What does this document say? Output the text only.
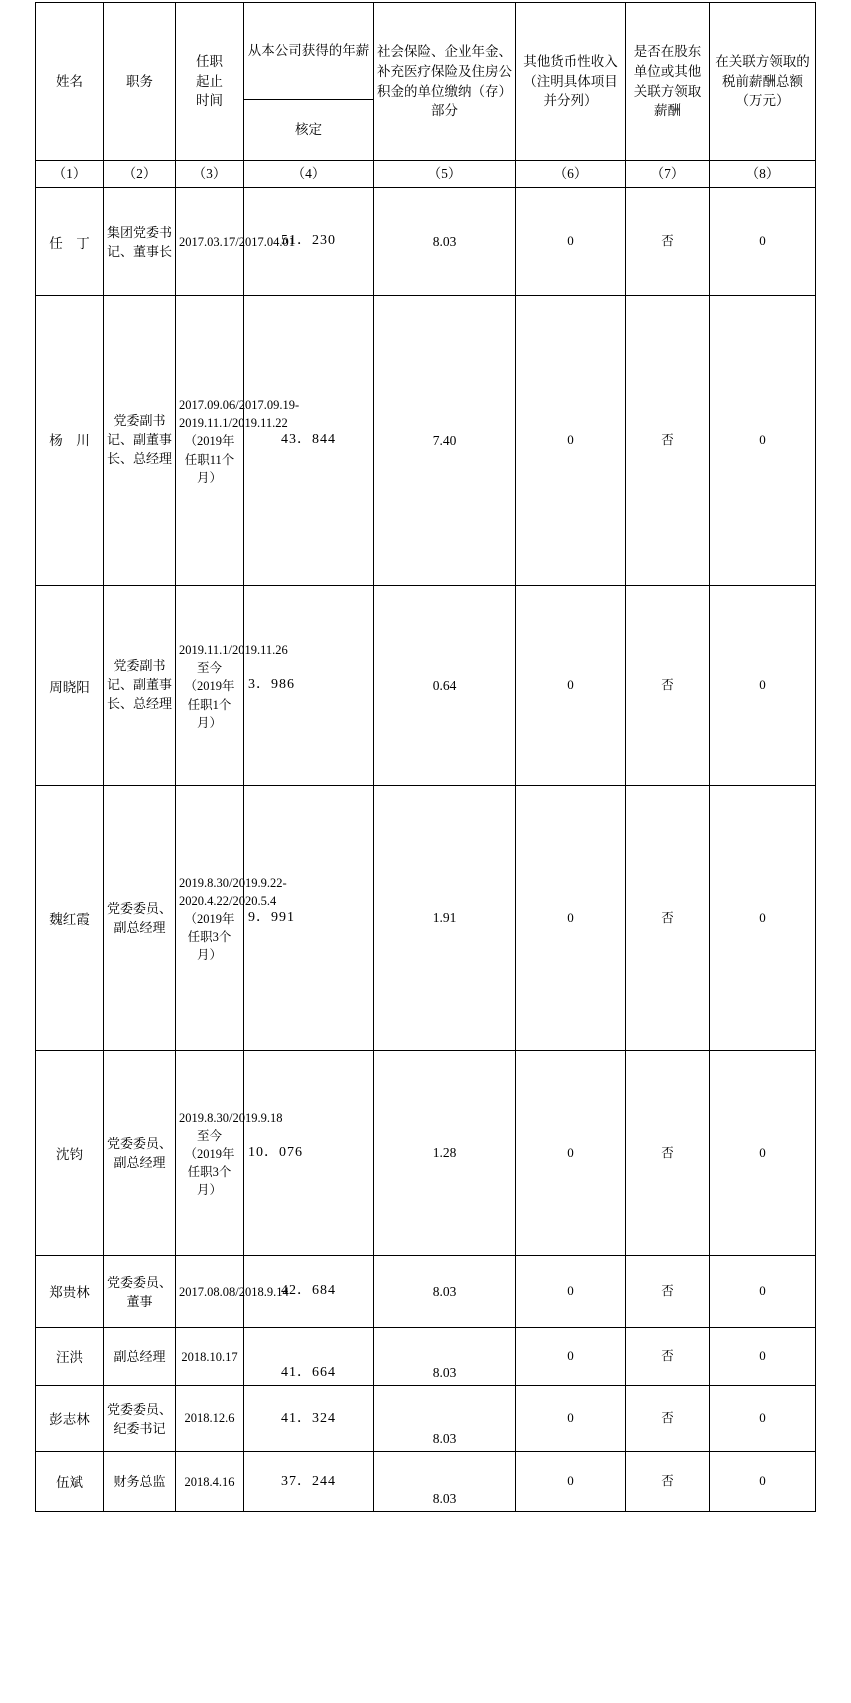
姓名	职务	任职
起止
时间	从本公司获得的年薪	社会保险、企业年金、补充医疗保险及住房公积金的单位缴纳（存）部分	其他货币性收入（注明具体项目并分列）	是否在股东单位或其他关联方领取薪酬	在关联方领取的税前薪酬总额（万元）
			核定				
（1）	（2）	（3）	（4）	（5）	（6）	（7）	（8）
任　丁	集团党委书记、董事长	2017.03.17/2017.04.01	51．230	8.03	0	否	0
杨　川	党委副书记、副董事长、总经理	2017.09.06/2017.09.19-2019.11.1/2019.11.22（2019年任职11个月）	43．844	7.40	0	否	0
周晓阳	党委副书记、副董事长、总经理	2019.11.1/2019.11.26至今（2019年任职1个月）	3．986	0.64	0	否	0
魏红霞	党委委员、副总经理	2019.8.30/2019.9.22-2020.4.22/2020.5.4（2019年任职3个月）	9．991	1.91	0	否	0
沈钧	党委委员、副总经理	2019.8.30/2019.9.18至今（2019年任职3个月）	10．076	1.28	0	否	0
郑贵林	党委委员、董事	2017.08.08/2018.9.14	42．684	8.03	0	否	0
汪洪	副总经理	2018.10.17	41．664	8.03	0	否	0
彭志林	党委委员、纪委书记	2018.12.6	41．324	8.03	0	否	0
伍斌	财务总监	2018.4.16	37．244	8.03	0	否	0
